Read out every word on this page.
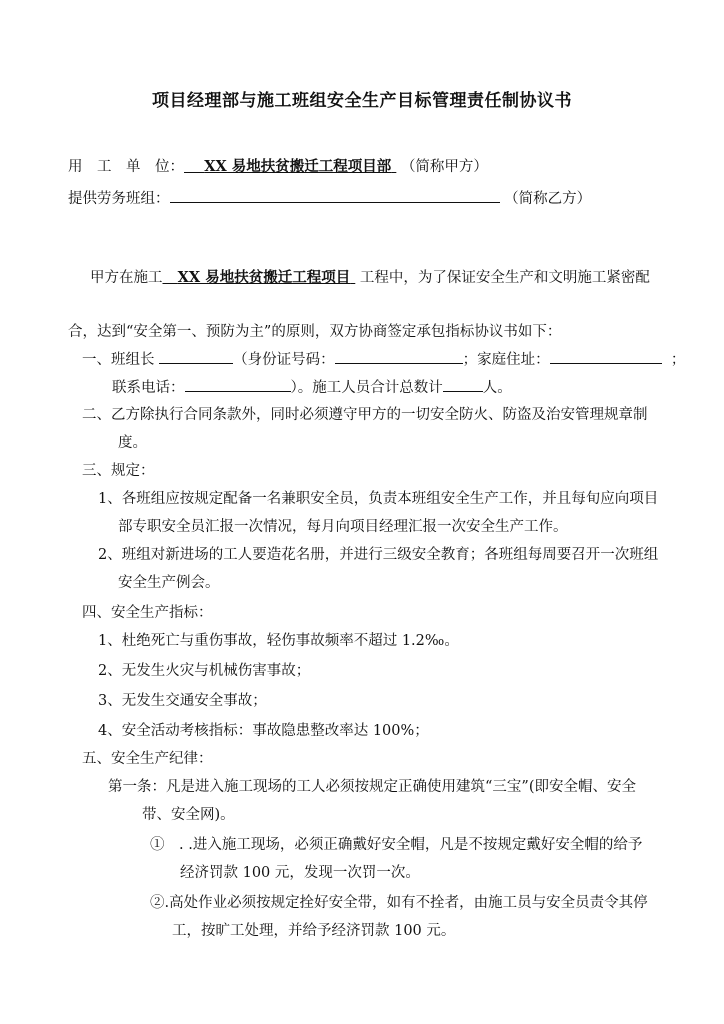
项目经理部与施工班组安全生产目标管理责任制协议书
用　工　单　位： XX 易地扶贫搬迁工程项目部 （简称甲方）
提供劳务班组：	（简称乙方）
甲方在施工 XX 易地扶贫搬迁工程项目 工程中，为了保证安全生产和文明施工紧密配
合，达到“安全第一、预防为主”的原则，双方协商签定承包指标协议书如下：
一、班组长	（身份证号码：	；家庭住址：	；
联系电话：	）。施工人员合计总数计	人。
二、乙方除执行合同条款外，同时必须遵守甲方的一切安全防火、防盗及治安管理规章制
度。
三、规定：
1、各班组应按规定配备一名兼职安全员，负责本班组安全生产工作，并且每旬应向项目
部专职安全员汇报一次情况，每月向项目经理汇报一次安全生产工作。
2、班组对新进场的工人要造花名册，并进行三级安全教育；各班组每周要召开一次班组
安全生产例会。
四、安全生产指标：
1、杜绝死亡与重伤事故，轻伤事故频率不超过 1.2‰。
2、无发生火灾与机械伤害事故；
3、无发生交通安全事故；
4、安全活动考核指标：事故隐患整改率达 100%；
五、安全生产纪律：
第一条：凡是进入施工现场的工人必须按规定正确使用建筑“三宝”(即安全帽、安全
带、安全网)。
①　. .进入施工现场，必须正确戴好安全帽，凡是不按规定戴好安全帽的给予
经济罚款 100 元，发现一次罚一次。
②.高处作业必须按规定拴好安全带，如有不拴者，由施工员与安全员责令其停
工，按旷工处理，并给予经济罚款 100 元。
